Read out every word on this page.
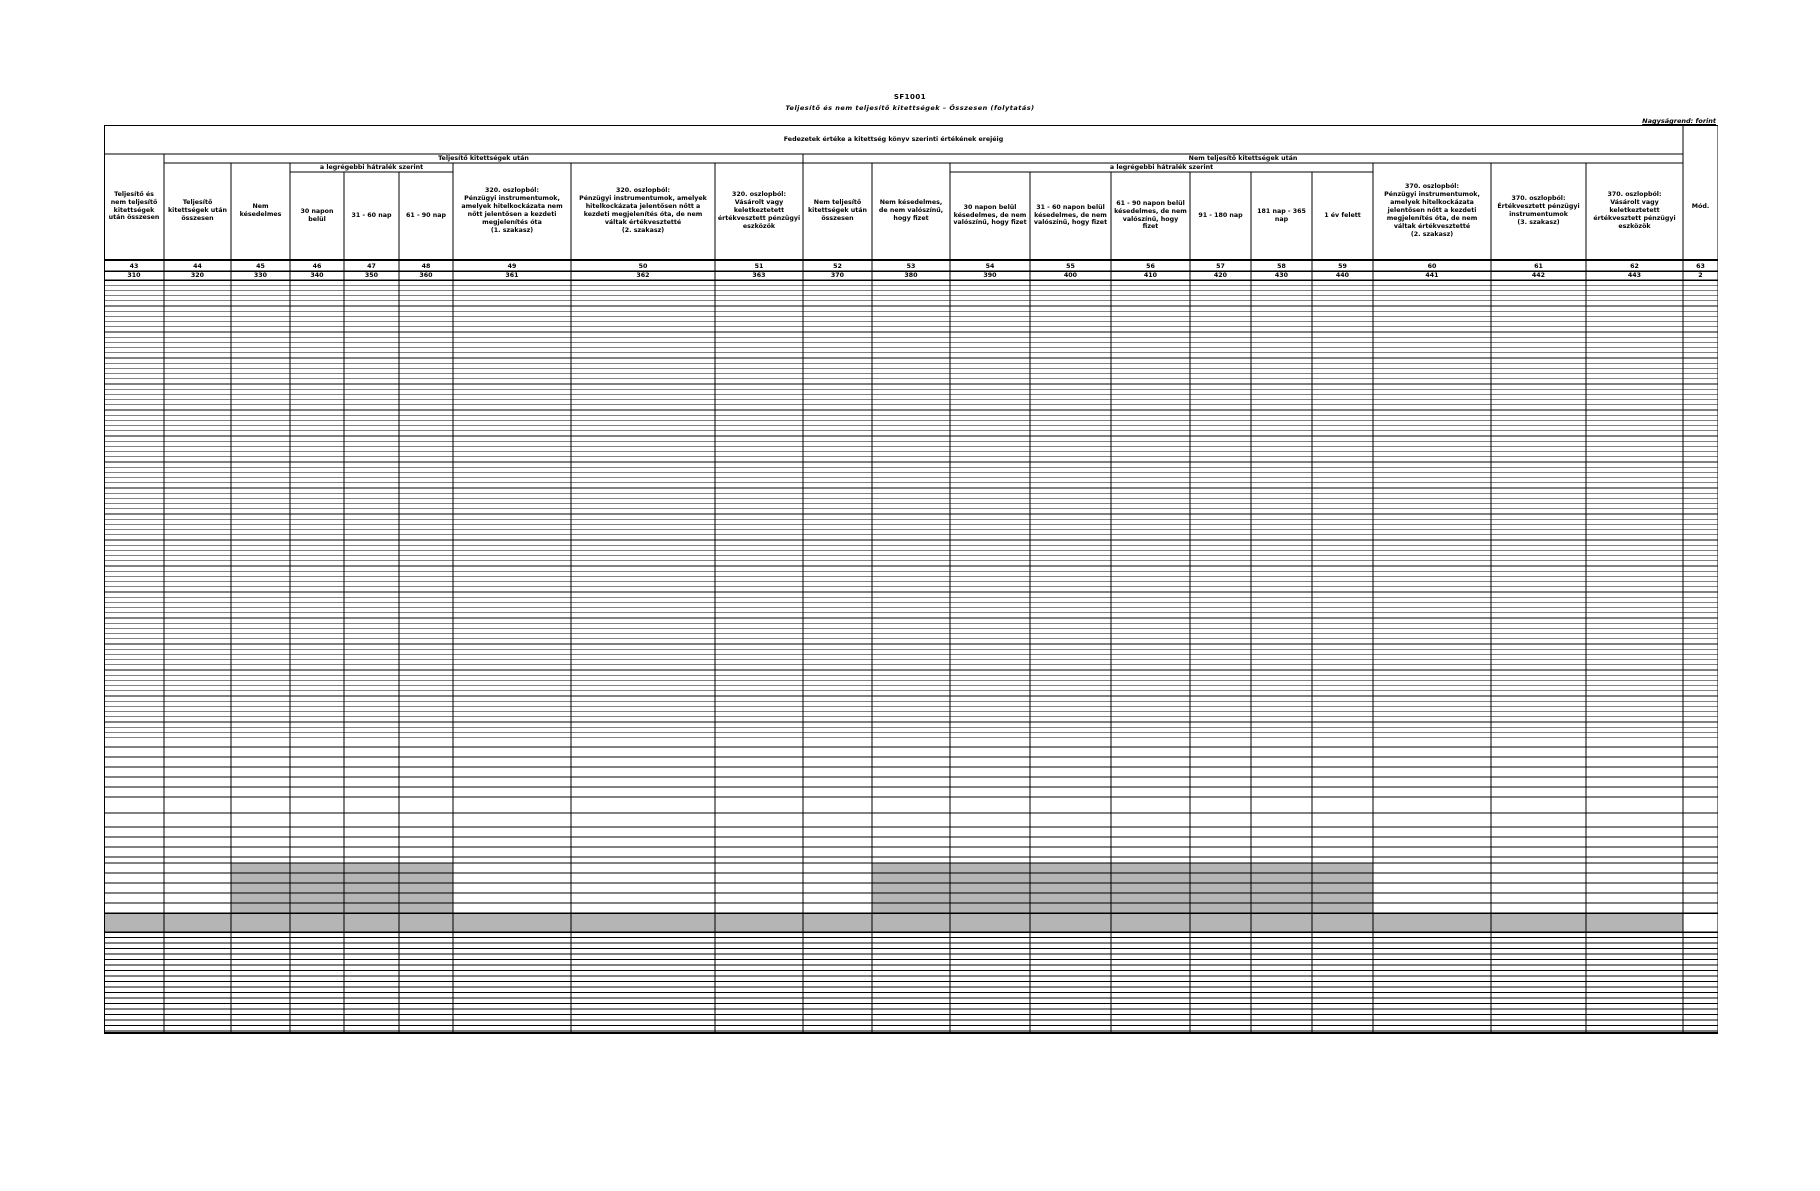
SF1001
Teljesítő és nem teljesítő kitettségek – Összesen (folytatás)
Nagyságrend: forint
Fedezetek értéke a kitettség könyv szerinti értékének erejéig
Teljesítő kitettségek után
a legrégebbi hátralék szerint
Nem teljesítő kitettségek után
a legrégebbi hátralék szerint
Teljesítő és
nem teljesítő
kitettségek
után összesen
43
310
Teljesítő
kitettségek után
összesen
44
320
Nem
késedelmes
45
330
30 napon
belül
46
340
31 - 60 nap
47
350
61 - 90 nap
48
360
320. oszlopból:
Pénzügyi instrumentumok,
amelyek hitelkockázata nem
nőtt jelentősen a kezdeti
megjelenítés óta
(1. szakasz)
49
361
320. oszlopból:
Pénzügyi instrumentumok, amelyek
hitelkockázata jelentősen nőtt a
kezdeti megjelenítés óta, de nem
váltak értékvesztetté
(2. szakasz)
50
362
320. oszlopból:
Vásárolt vagy
keletkeztetett
értékvesztett pénzügyi
eszközök
51
363
Nem teljesítő
kitettségek után
összesen
52
370
Nem késedelmes,
de nem valószínű,
hogy fizet
53
380
30 napon belül
késedelmes, de nem
valószínű, hogy fizet
54
390
31 - 60 napon belül
késedelmes, de nem
valószínű, hogy fizet
55
400
61 - 90 napon belül
késedelmes, de nem
valószínű, hogy
fizet
56
410
91 - 180 nap
57
420
181 nap - 365
nap
58
430
1 év felett
59
440
370. oszlopból:
Pénzügyi instrumentumok,
amelyek hitelkockázata
jelentősen nőtt a kezdeti
megjelenítés óta, de nem
váltak értékvesztetté
(2. szakasz)
60
441
370. oszlopból:
Értékvesztett pénzügyi
instrumentumok
(3. szakasz)
61
442
370. oszlopból:
Vásárolt vagy
keletkeztetett
értékvesztett pénzügyi
eszközök
62
443
Mód.
63
2
